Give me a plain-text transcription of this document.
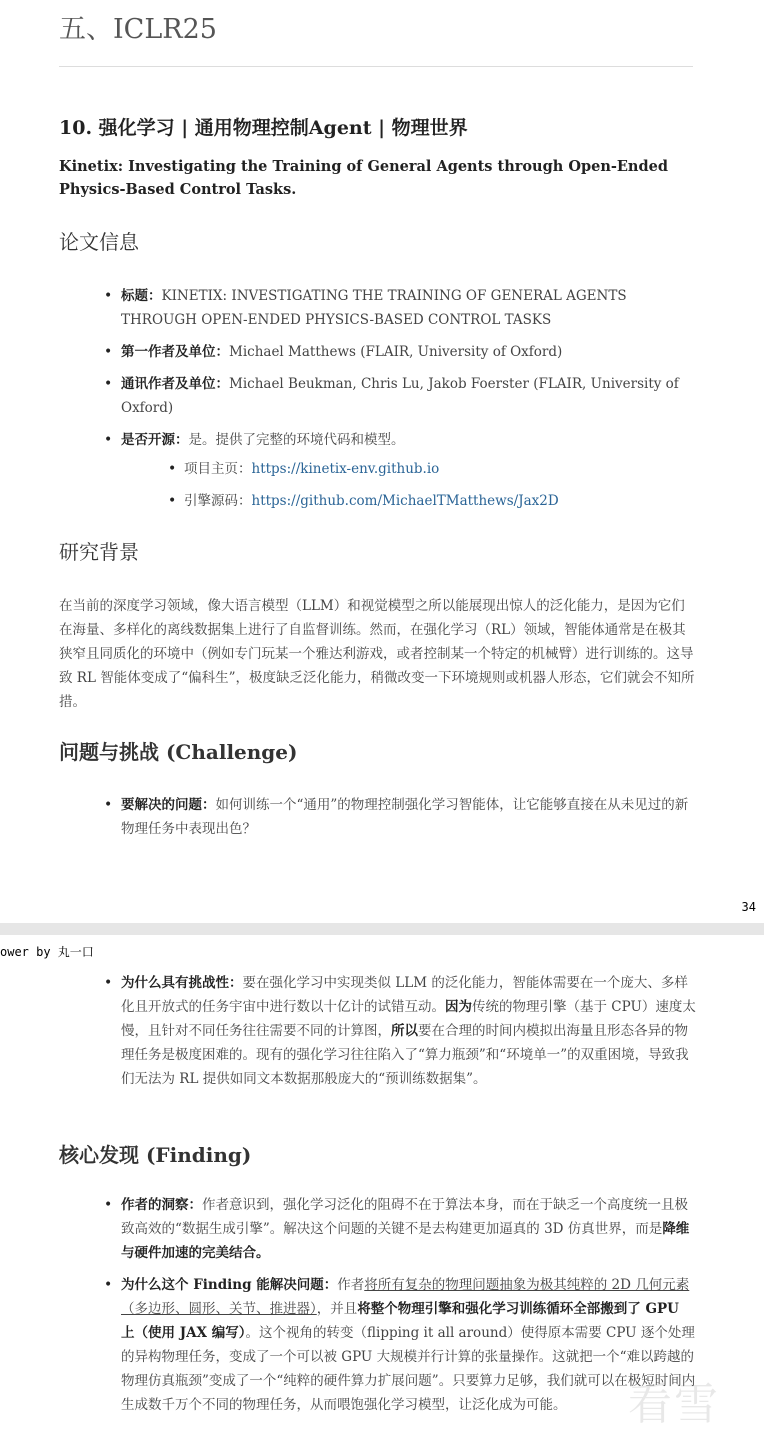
五、ICLR25
10. 强化学习 | 通用物理控制Agent | 物理世界

Kinetix: Investigating the Training of General Agents through Open-Ended Physics-Based Control Tasks.

论文信息
• 标题：KINETIX: INVESTIGATING THE TRAINING OF GENERAL AGENTS THROUGH OPEN-ENDED PHYSICS-BASED CONTROL TASKS
• 第一作者及单位：Michael Matthews (FLAIR, University of Oxford)
• 通讯作者及单位：Michael Beukman, Chris Lu, Jakob Foerster (FLAIR, University of Oxford)
• 是否开源：是。提供了完整的环境代码和模型。
• 项目主页：https://kinetix-env.github.io
• 引擎源码：https://github.com/MichaelTMatthews/Jax2D
研究背景

在当前的深度学习领域，像大语言模型（LLM）和视觉模型之所以能展现出惊人的泛化能力，是因为它们在海量、多样化的离线数据集上进行了自监督训练。然而，在强化学习（RL）领域，智能体通常是在极其狭窄且同质化的环境中（例如专门玩某一个雅达利游戏，或者控制某一个特定的机械臂）进行训练的。这导致 RL 智能体变成了“偏科生”，极度缺乏泛化能力，稍微改变一下环境规则或机器人形态，它们就会不知所措。

问题与挑战 (Challenge)
• 要解决的问题：如何训练一个“通用”的物理控制强化学习智能体，让它能够直接在从未见过的新物理任务中表现出色？
34
ower by 丸一口
• 为什么具有挑战性：要在强化学习中实现类似 LLM 的泛化能力，智能体需要在一个庞大、多样化且开放式的任务宇宙中进行数以十亿计的试错互动。因为传统的物理引擎（基于 CPU）速度太慢，且针对不同任务往往需要不同的计算图，所以要在合理的时间内模拟出海量且形态各异的物理任务是极度困难的。现有的强化学习往往陷入了“算力瓶颈”和“环境单一”的双重困境，导致我们无法为 RL 提供如同文本数据那般庞大的“预训练数据集”。
核心发现 (Finding)
• 作者的洞察：作者意识到，强化学习泛化的阻碍不在于算法本身，而在于缺乏一个高度统一且极致高效的“数据生成引擎”。解决这个问题的关键不是去构建更加逼真的 3D 仿真世界，而是降维与硬件加速的完美结合。
• 为什么这个 Finding 能解决问题：作者将所有复杂的物理问题抽象为极其纯粹的 2D 几何元素（多边形、圆形、关节、推进器），并且将整个物理引擎和强化学习训练循环全部搬到了 GPU 上（使用 JAX 编写）。这个视角的转变（flipping it all around）使得原本需要 CPU 逐个处理的异构物理任务，变成了一个可以被 GPU 大规模并行计算的张量操作。这就把一个“难以跨越的物理仿真瓶颈”变成了一个“纯粹的硬件算力扩展问题”。只要算力足够，我们就可以在极短时间内生成数千万个不同的物理任务，从而喂饱强化学习模型，让泛化成为可能。	看雪
